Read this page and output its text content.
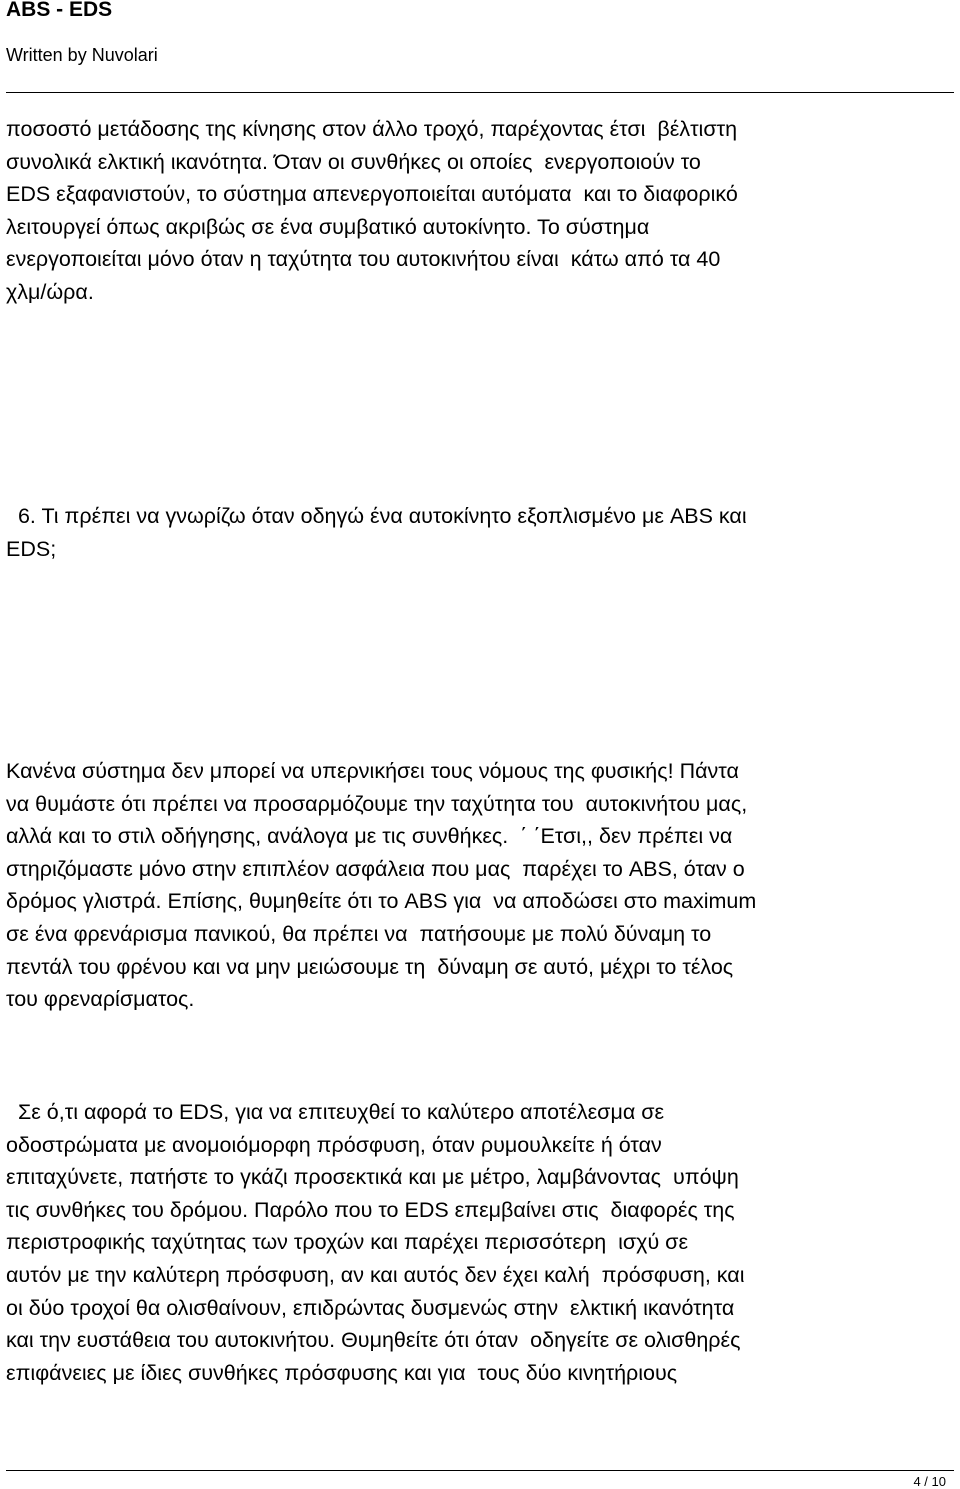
ABS - EDS
Written by Nuvolari

ποσοστό μετάδοσης της κίνησης στον άλλο τροχό, παρέχοντας έτσι  βέλτιστη
συνολικά ελκτική ικανότητα. Όταν οι συνθήκες οι οποίες  ενεργοποιούν το
EDS εξαφανιστούν, το σύστημα απενεργοποιείται αυτόματα  και το διαφορικό
λειτουργεί όπως ακριβώς σε ένα συμβατικό αυτοκίνητο. Το σύστημα
ενεργοποιείται μόνο όταν η ταχύτητα του αυτοκινήτου είναι  κάτω από τα 40
χλμ/ώρα.

6. Τι πρέπει να γνωρίζω όταν οδηγώ ένα αυτοκίνητο εξοπλισμένο με ABS και
EDS;

Κανένα σύστημα δεν μπορεί να υπερνικήσει τους νόμους της φυσικής! Πάντα
να θυμάστε ότι πρέπει να προσαρμόζουμε την ταχύτητα του  αυτοκινήτου μας,
αλλά και το στιλ οδήγησης, ανάλογα με τις συνθήκες.  ΄ ΄Ετσι,, δεν πρέπει να
στηριζόμαστε μόνο στην επιπλέον ασφάλεια που μας  παρέχει το ABS, όταν ο
δρόμος γλιστρά. Επίσης, θυμηθείτε ότι το ABS για  να αποδώσει στο maximum
σε ένα φρενάρισμα πανικού, θα πρέπει να  πατήσουμε με πολύ δύναμη το
πεντάλ του φρένου και να μην μειώσουμε τη  δύναμη σε αυτό, μέχρι το τέλος
του φρεναρίσματος.

Σε ό,τι αφορά το EDS, για να επιτευχθεί το καλύτερο αποτέλεσμα σε
οδοστρώματα με ανομοιόμορφη πρόσφυση, όταν ρυμουλκείτε ή όταν
επιταχύνετε, πατήστε το γκάζι προσεκτικά και με μέτρο, λαμβάνοντας  υπόψη
τις συνθήκες του δρόμου. Παρόλο που το EDS επεμβαίνει στις  διαφορές της
περιστροφικής ταχύτητας των τροχών και παρέχει περισσότερη  ισχύ σε
αυτόν με την καλύτερη πρόσφυση, αν και αυτός δεν έχει καλή  πρόσφυση, και
οι δύο τροχοί θα ολισθαίνουν, επιδρώντας δυσμενώς στην  ελκτική ικανότητα
και την ευστάθεια του αυτοκινήτου. Θυμηθείτε ότι όταν  οδηγείτε σε ολισθηρές
επιφάνειες με ίδιες συνθήκες πρόσφυσης και για  τους δύο κινητήριους

4 / 10
